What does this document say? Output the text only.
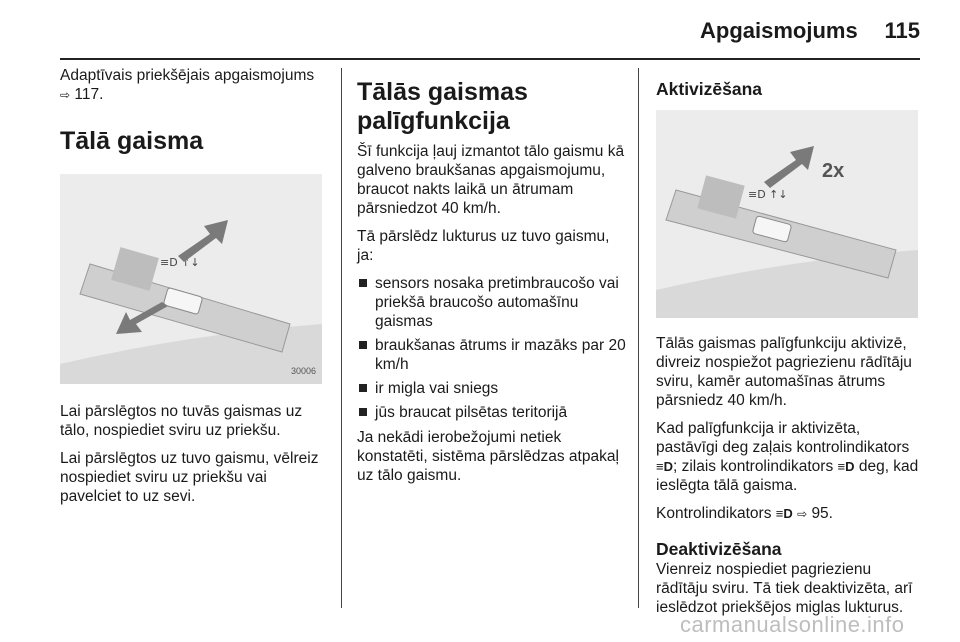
Apgaismojums	115

Adaptīvais priekšējais apgaismojums
⇨ 117.

Tālā gaisma
≡D ↑↓
30006

Lai pārslēgtos no tuvās gaismas uz tālo, nospiediet sviru uz priekšu.

Lai pārslēgtos uz tuvo gaismu, vēlreiz nospiediet sviru uz priekšu vai pavelciet to uz sevi.

Tālās gaismas palīgfunkcija

Šī funkcija ļauj izmantot tālo gaismu kā galveno braukšanas apgaismojumu, braucot nakts laikā un ātrumam pārsniedzot 40 km/h.

Tā pārslēdz lukturus uz tuvo gaismu, ja:

sensors nosaka pretimbraucošo vai priekšā braucošo automašīnu gaismas
braukšanas ātrums ir mazāks par 20 km/h
ir migla vai sniegs
jūs braucat pilsētas teritorijā

Ja nekādi ierobežojumi netiek konstatēti, sistēma pārslēdzas atpakaļ uz tālo gaismu.

Aktivizēšana
≡D ↑↓
2x

Tālās gaismas palīgfunkciju aktivizē, divreiz nospiežot pagriezienu rādītāju sviru, kamēr automašīnas ātrums pārsniedz 40 km/h.

Kad palīgfunkcija ir aktivizēta, pastāvīgi deg zaļais kontrolindikators ≡D; zilais kontrolindikators ≡D deg, kad ieslēgta tālā gaisma.

Kontrolindikators ≡D ⇨ 95.

Deaktivizēšana

Vienreiz nospiediet pagriezienu rādītāju sviru. Tā tiek deaktivizēta, arī ieslēdzot priekšējos miglas lukturus.

carmanualsonline.info
